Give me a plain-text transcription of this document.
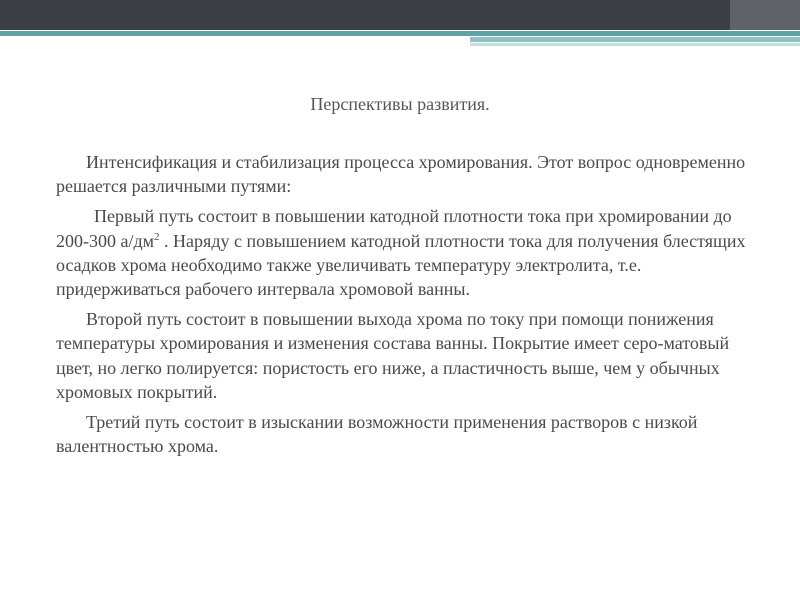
Перспективы развития.

Интенсификация и стабилизация процесса хромирования. Этот вопрос одновременно решается различными путями:

Первый путь состоит в повышении катодной плотности тока при хромировании до 200-300 $а/дм^2$ . Наряду с повышением катодной плотности тока для получения блестящих осадков хрома необходимо также увеличивать температуру электролита, т.е. придерживаться рабочего интервала хромовой ванны.

Второй путь состоит в повышении выхода хрома по току при помощи понижения температуры хромирования и изменения состава ванны. Покрытие имеет серо-матовый цвет, но легко полируется: пористость его ниже, а пластичность выше, чем у обычных хромовых покрытий.

Третий путь состоит в изыскании возможности применения растворов с низкой валентностью хрома.
